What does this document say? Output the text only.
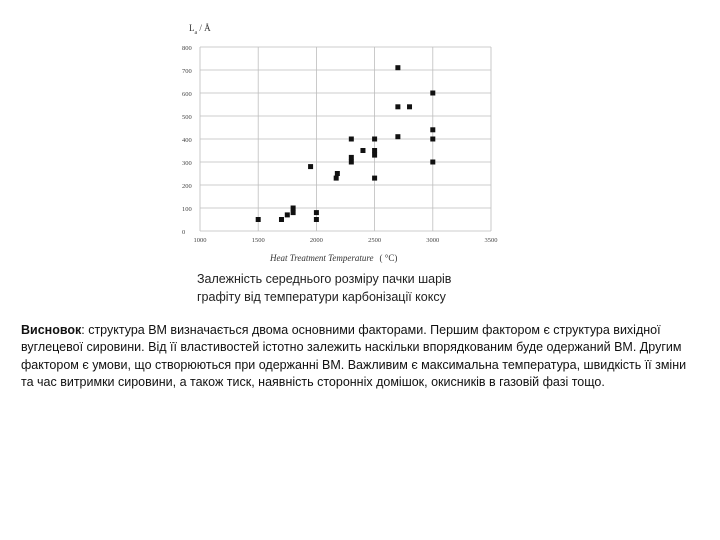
$L_a$ / Å
0
100
200
300
400
500
600
700
800
1000	1500	2000	2500	3000	3500
Heat Treatment Temperature ( °C)
Залежність середнього розміру пачки шарів
графіту від температури карбонізації коксу
Висновок: структура ВМ визначається двома основними факторами. Першим фактором є структура вихідної вуглецевої сировини. Від її властивостей істотно залежить наскільки впорядкованим буде одержаний ВМ. Другим фактором є умови, що створюються при одержанні ВМ. Важливим є максимальна температура, швидкість її зміни та час витримки сировини, а також тиск, наявність сторонніх домішок, окисників в газовій фазі тощо.
